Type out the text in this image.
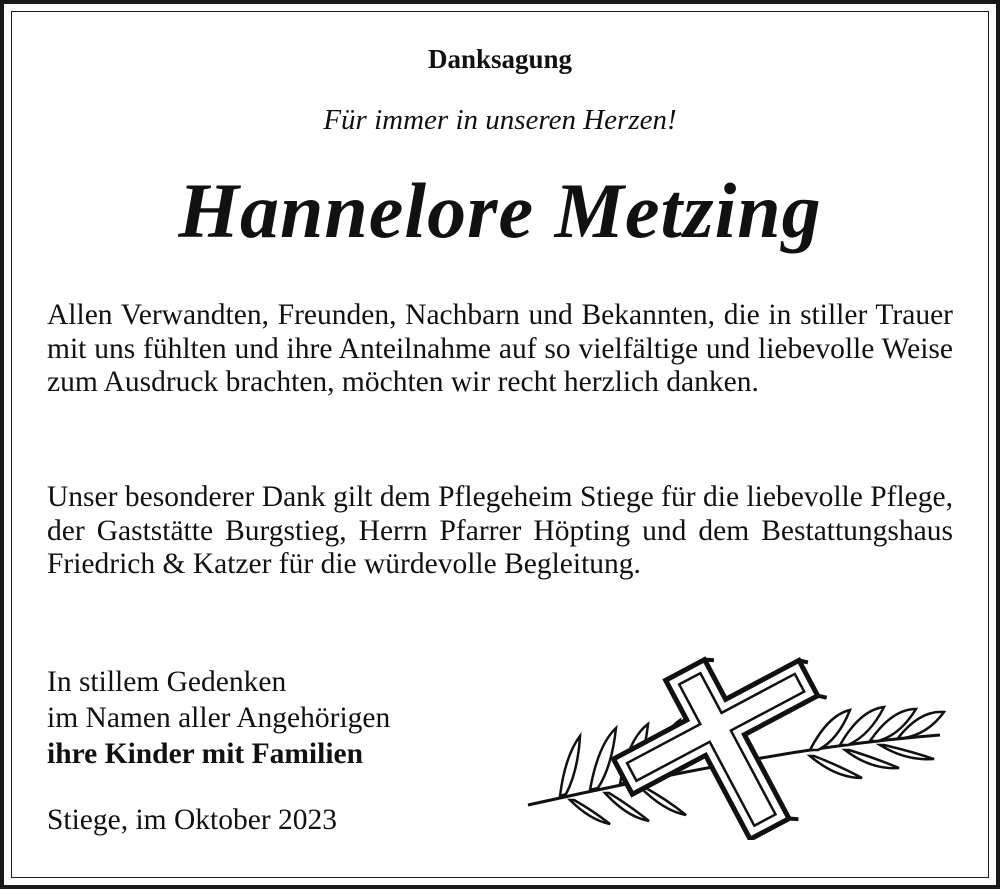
Danksagung
Für immer in unseren Herzen!
Hannelore Metzing

Allen Verwandten, Freunden, Nachbarn und Bekannten, die in stiller Trauer mit uns fühlten und ihre Anteilnahme auf so vielfältige und liebevolle Weise zum Ausdruck brachten, möchten wir recht herzlich danken.

Unser besonderer Dank gilt dem Pflegeheim Stiege für die liebevolle Pflege, der Gaststätte Burgstieg, Herrn Pfarrer Höpting und dem Bestattungshaus Friedrich & Katzer für die würdevolle Begleitung.

In stillem Gedenken
im Namen aller Angehörigen
ihre Kinder mit Familien
Stiege, im Oktober 2023
